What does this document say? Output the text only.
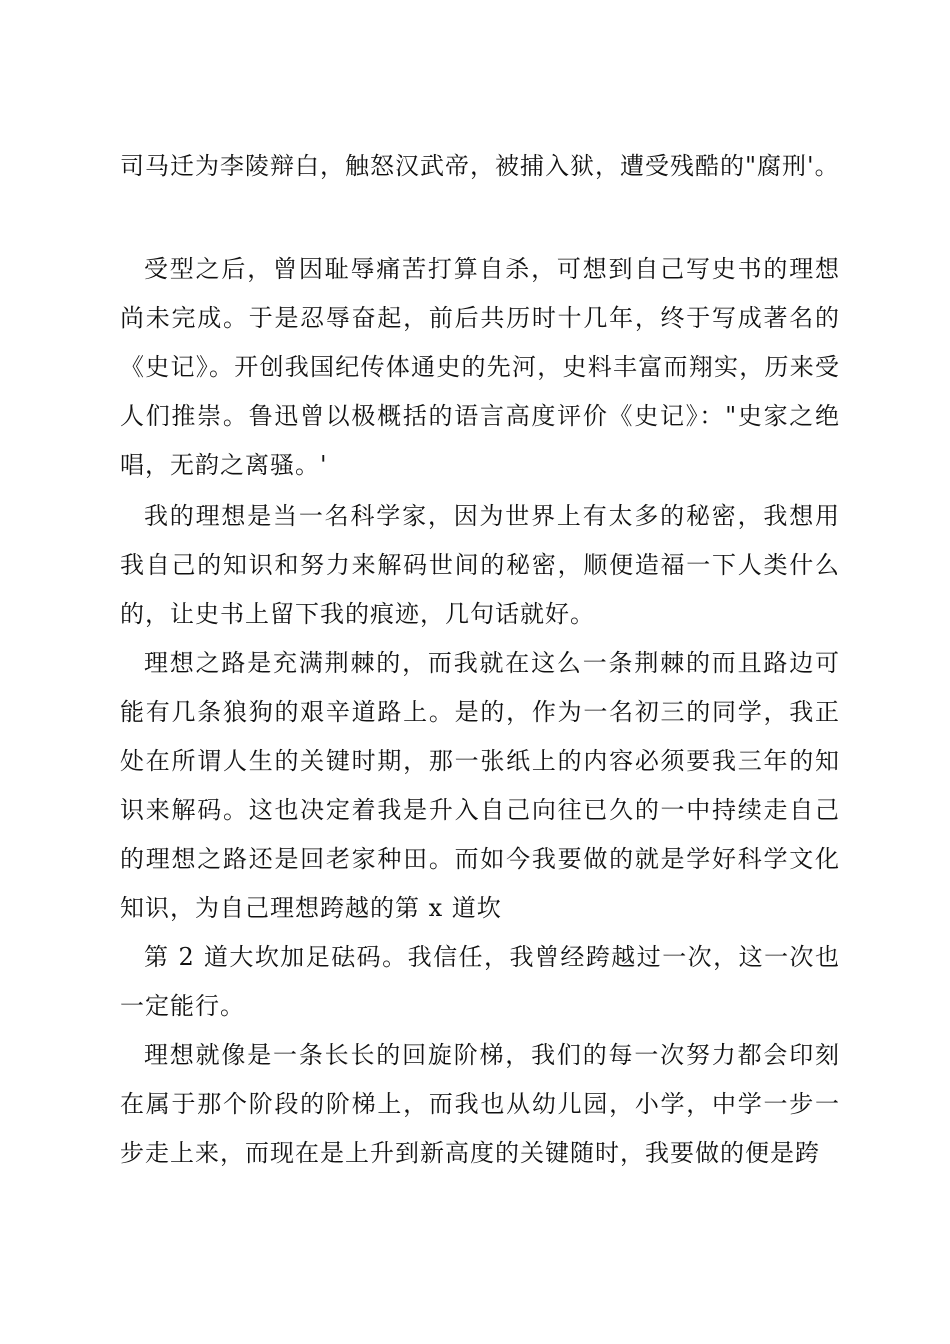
司马迁为李陵辩白，触怒汉武帝，被捕入狱，遭受残酷的"腐刑'。

受型之后，曾因耻辱痛苦打算自杀，可想到自己写史书的理想尚未完成。于是忍辱奋起，前后共历时十几年，终于写成著名的《史记》。开创我国纪传体通史的先河，史料丰富而翔实，历来受人们推崇。鲁迅曾以极概括的语言高度评价《史记》："史家之绝唱，无韵之离骚。'

我的理想是当一名科学家，因为世界上有太多的秘密，我想用我自己的知识和努力来解码世间的秘密，顺便造福一下人类什么的，让史书上留下我的痕迹，几句话就好。

理想之路是充满荆棘的，而我就在这么一条荆棘的而且路边可能有几条狼狗的艰辛道路上。是的，作为一名初三的同学，我正处在所谓人生的关键时期，那一张纸上的内容必须要我三年的知识来解码。这也决定着我是升入自己向往已久的一中持续走自己的理想之路还是回老家种田。而如今我要做的就是学好科学文化知识，为自己理想跨越的第 x 道坎

第 2 道大坎加足砝码。我信任，我曾经跨越过一次，这一次也一定能行。

理想就像是一条长长的回旋阶梯，我们的每一次努力都会印刻在属于那个阶段的阶梯上，而我也从幼儿园，小学，中学一步一步走上来，而现在是上升到新高度的关键随时，我要做的便是跨
